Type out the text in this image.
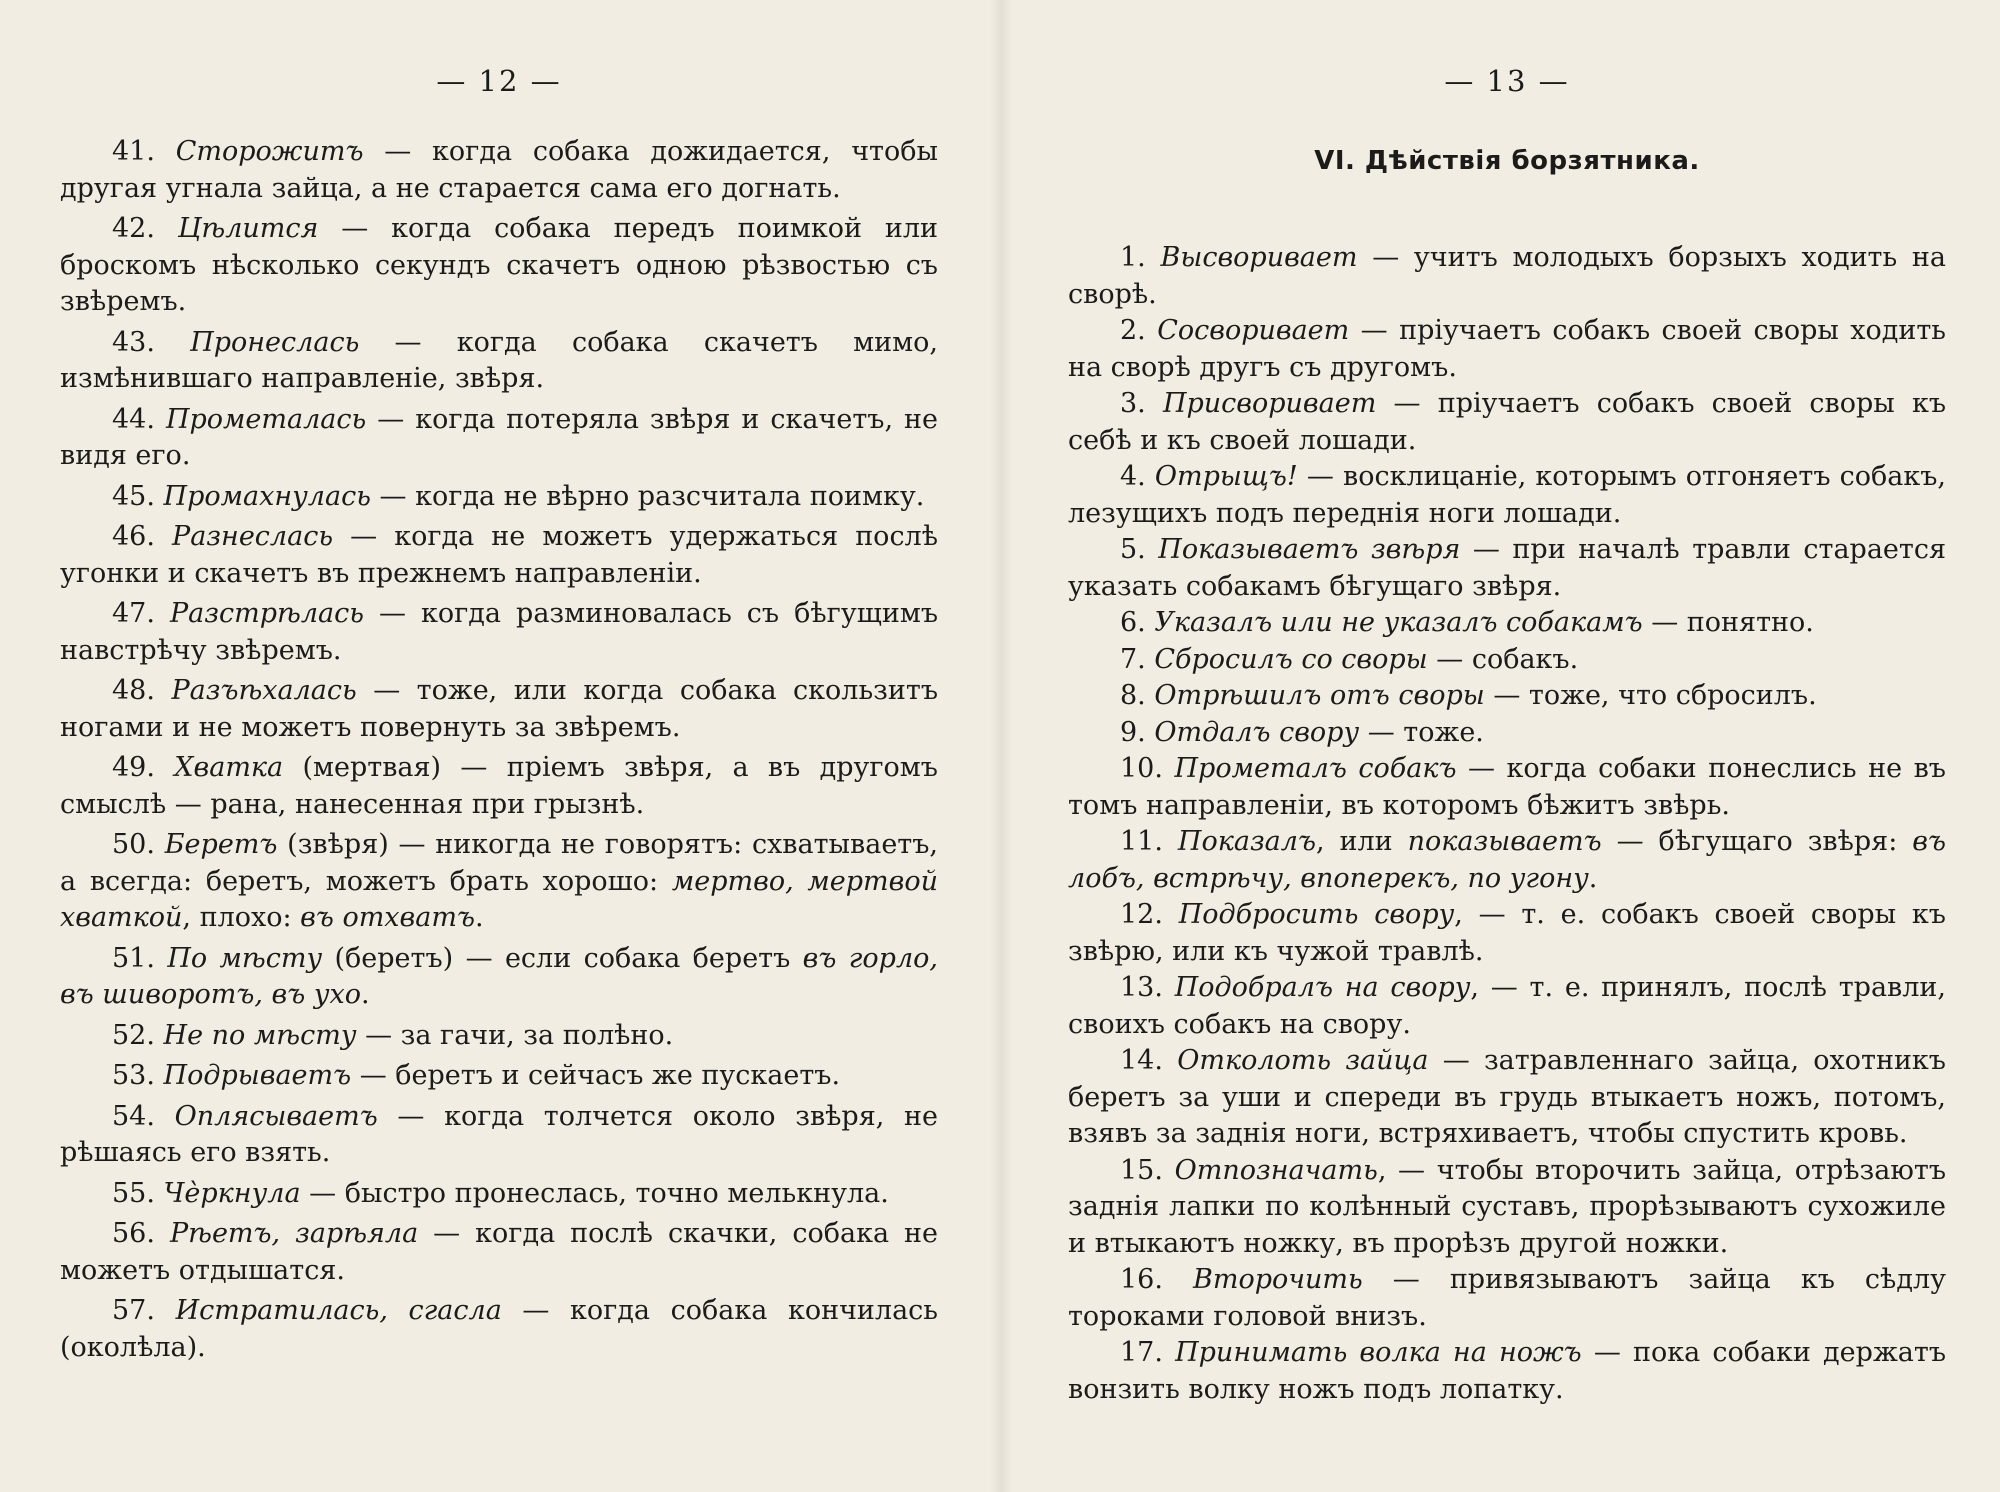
— 12 —

41. Сторожитъ — когда собака дожидается, чтобы другая угнала зайца, а не старается сама его догнать.

42. Цѣлится — когда собака передъ поимкой или броскомъ нѣсколько секундъ скачетъ одною рѣзвостью съ звѣремъ.

43. Пронеслась — когда собака скачетъ мимо, измѣнившаго направленіе, звѣря.

44. Прометалась — когда потеряла звѣря и скачетъ, не видя его.

45. Промахнулась — когда не вѣрно разсчитала поимку.

46. Разнеслась — когда не можетъ удержаться послѣ угонки и скачетъ въ прежнемъ направленіи.

47. Разстрѣлась — когда разминовалась съ бѣгущимъ навстрѣчу звѣремъ.

48. Разъѣхалась — тоже, или когда собака скользитъ ногами и не можетъ повернуть за звѣремъ.

49. Хватка (мертвая) — пріемъ звѣря, а въ другомъ смыслѣ — рана, нанесенная при грызнѣ.

50. Беретъ (звѣря) — никогда не говорятъ: схватываетъ, а всегда: беретъ, можетъ брать хорошо: мертво, мертвой хваткой, плохо: въ отхватъ.

51. По мѣсту (беретъ) — если собака беретъ въ горло, въ шиворотъ, въ ухо.

52. Не по мѣсту — за гачи, за полѣно.

53. Подрываетъ — беретъ и сейчасъ же пускаетъ.

54. Оплясываетъ — когда толчется около звѣря, не рѣшаясь его взять.

55. Чѐркнула — быстро пронеслась, точно мелькнула.

56. Рѣетъ, зарѣяла — когда послѣ скачки, собака не можетъ отдышатся.

57. Истратилась, сгасла — когда собака кончилась (околѣла).

— 13 —
VI. Дѣйствія борзятника.

1. Высворивает — учитъ молодыхъ борзыхъ ходить на сворѣ.

2. Сосворивает — пріучаетъ собакъ своей своры ходить на сворѣ другъ съ другомъ.

3. Присворивает — пріучаетъ собакъ своей своры къ себѣ и къ своей лошади.

4. Отрыщъ! — восклицаніе, которымъ отгоняетъ собакъ, лезущихъ подъ переднія ноги лошади.

5. Показываетъ звѣря — при началѣ травли старается указать собакамъ бѣгущаго звѣря.

6. Указалъ или не указалъ собакамъ — понятно.

7. Сбросилъ со своры — собакъ.

8. Отрѣшилъ отъ своры — тоже, что сбросилъ.

9. Отдалъ свору — тоже.

10. Прометалъ собакъ — когда собаки понеслись не въ томъ направленіи, въ которомъ бѣжитъ звѣрь.

11. Показалъ, или показываетъ — бѣгущаго звѣря: въ лобъ, встрѣчу, впоперекъ, по угону.

12. Подбросить свору, — т. е. собакъ своей своры къ звѣрю, или къ чужой травлѣ.

13. Подобралъ на свору, — т. е. принялъ, послѣ травли, своихъ собакъ на свору.

14. Отколоть зайца — затравленнаго зайца, охотникъ беретъ за уши и спереди въ грудь втыкаетъ ножъ, потомъ, взявъ за заднія ноги, встряхиваетъ, чтобы спустить кровь.

15. Отпозначать, — чтобы второчить зайца, отрѣзаютъ заднія лапки по колѣнный суставъ, прорѣзываютъ сухожиле и втыкаютъ ножку, въ прорѣзъ другой ножки.

16. Второчить — привязываютъ зайца къ сѣдлу тороками головой внизъ.

17. Принимать волка на ножъ — пока собаки держатъ вонзить волку ножъ подъ лопатку.
